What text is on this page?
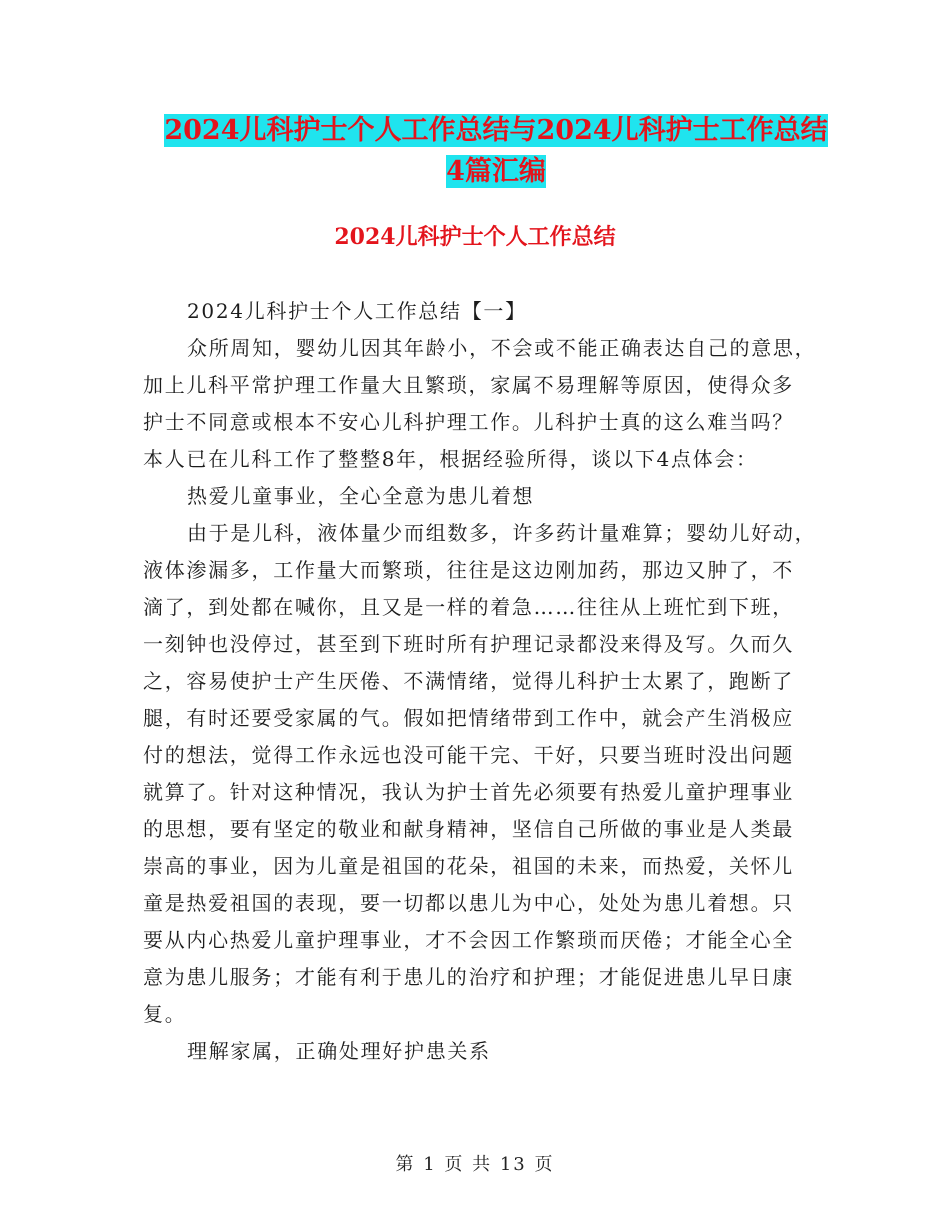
2024儿科护士个人工作总结与2024儿科护士工作总结
4篇汇编
2024儿科护士个人工作总结
2024儿科护士个人工作总结【一】
众所周知，婴幼儿因其年龄小，不会或不能正确表达自己的意思，
加上儿科平常护理工作量大且繁琐，家属不易理解等原因，使得众多
护士不同意或根本不安心儿科护理工作。儿科护士真的这么难当吗？
本人已在儿科工作了整整8年，根据经验所得，谈以下4点体会：
热爱儿童事业，全心全意为患儿着想
由于是儿科，液体量少而组数多，许多药计量难算；婴幼儿好动，
液体渗漏多，工作量大而繁琐，往往是这边刚加药，那边又肿了，不
滴了，到处都在喊你，且又是一样的着急……往往从上班忙到下班，
一刻钟也没停过，甚至到下班时所有护理记录都没来得及写。久而久
之，容易使护士产生厌倦、不满情绪，觉得儿科护士太累了，跑断了
腿，有时还要受家属的气。假如把情绪带到工作中，就会产生消极应
付的想法，觉得工作永远也没可能干完、干好，只要当班时没出问题
就算了。针对这种情况，我认为护士首先必须要有热爱儿童护理事业
的思想，要有坚定的敬业和献身精神，坚信自己所做的事业是人类最
崇高的事业，因为儿童是祖国的花朵，祖国的未来，而热爱，关怀儿
童是热爱祖国的表现，要一切都以患儿为中心，处处为患儿着想。只
要从内心热爱儿童护理事业，才不会因工作繁琐而厌倦；才能全心全
意为患儿服务；才能有利于患儿的治疗和护理；才能促进患儿早日康
复。
理解家属，正确处理好护患关系
第 1 页 共 13 页
